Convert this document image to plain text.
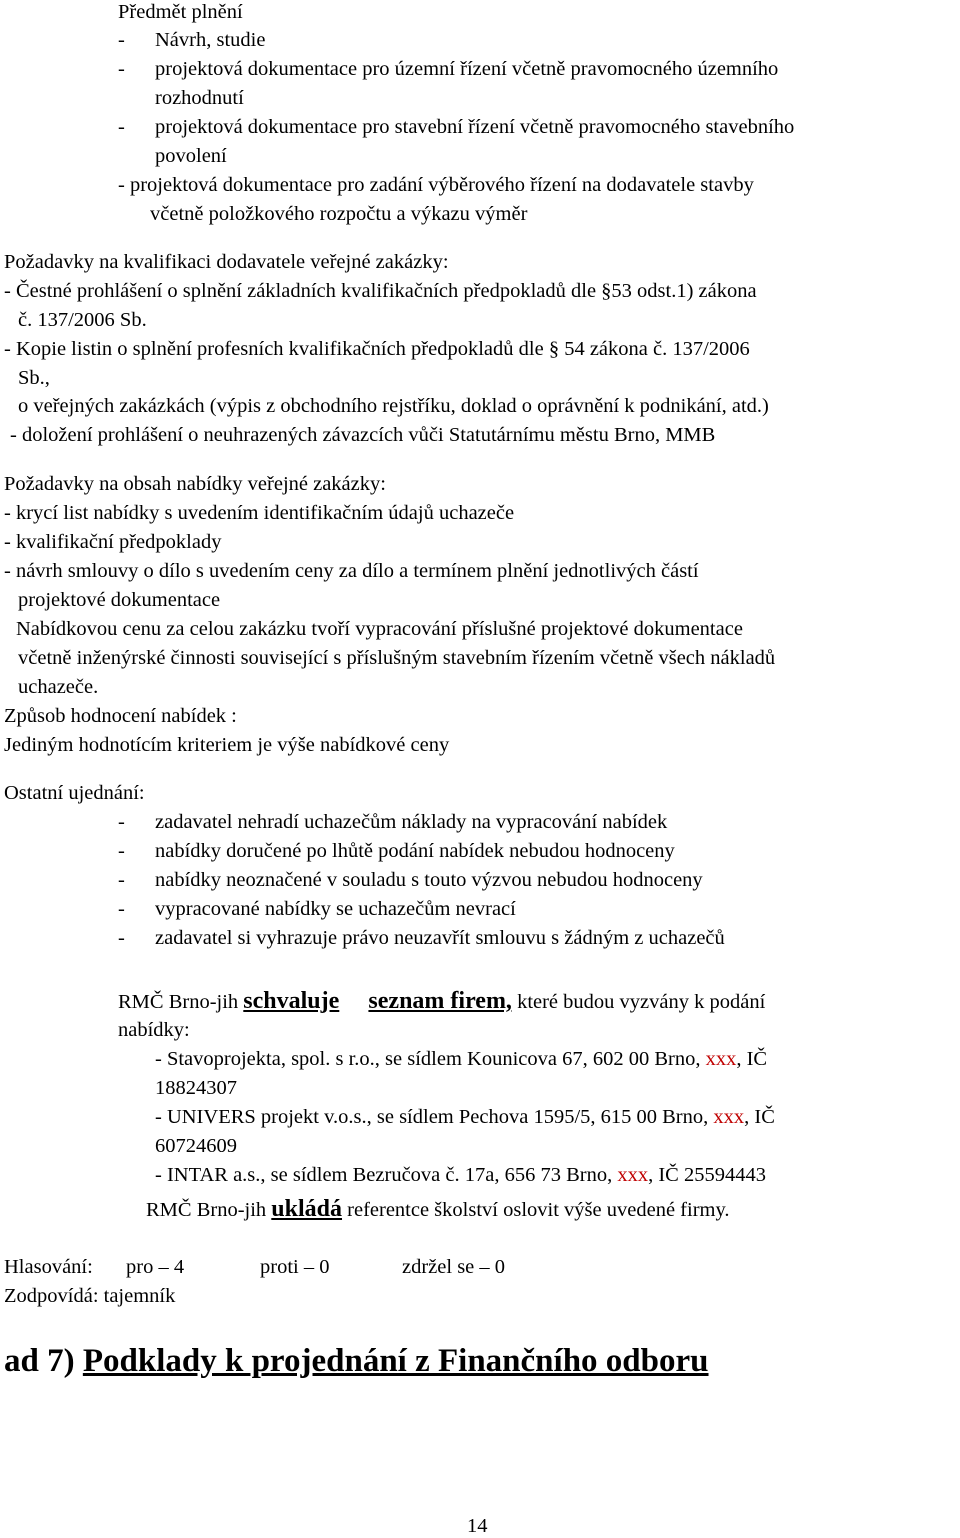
Předmět plnění
- Návrh, studie
- projektová dokumentace pro územní řízení včetně pravomocného územního
rozhodnutí
- projektová dokumentace pro stavební řízení včetně pravomocného stavebního
povolení
- projektová dokumentace pro zadání výběrového řízení na dodavatele stavby
včetně položkového rozpočtu a výkazu výměr
Požadavky na kvalifikaci dodavatele veřejné zakázky:
- Čestné prohlášení o splnění základních kvalifikačních předpokladů dle §53 odst.1) zákona
č. 137/2006 Sb.
- Kopie listin o splnění profesních kvalifikačních předpokladů dle § 54 zákona č. 137/2006
Sb.,
o veřejných zakázkách (výpis z obchodního rejstříku, doklad o oprávnění k podnikání, atd.)
- doložení prohlášení o neuhrazených závazcích vůči Statutárnímu městu Brno, MMB
Požadavky na obsah nabídky veřejné zakázky:
- krycí list nabídky s uvedením identifikačním údajů uchazeče
- kvalifikační předpoklady
- návrh smlouvy o dílo s uvedením ceny za dílo a termínem plnění jednotlivých částí
projektové dokumentace
Nabídkovou cenu za celou zakázku tvoří vypracování příslušné projektové dokumentace
včetně inženýrské činnosti související s příslušným stavebním řízením včetně všech nákladů
uchazeče.
Způsob hodnocení nabídek :
Jediným hodnotícím kriteriem je výše nabídkové ceny
Ostatní ujednání:
- zadavatel nehradí uchazečům náklady na vypracování nabídek
- nabídky doručené po lhůtě podání nabídek nebudou hodnoceny
- nabídky neoznačené v souladu s touto výzvou nebudou hodnoceny
- vypracované nabídky se uchazečům nevrací
- zadavatel si vyhrazuje právo neuzavřít smlouvu s žádným z uchazečů
RMČ Brno-jih schvaluje seznam firem, které budou vyzvány k podání
nabídky:
- Stavoprojekta, spol. s r.o., se sídlem Kounicova 67, 602 00 Brno, xxx, IČ
18824307
- UNIVERS projekt v.o.s., se sídlem Pechova 1595/5, 615 00 Brno, xxx, IČ
60724609
- INTAR a.s., se sídlem Bezručova č. 17a, 656 73 Brno, xxx, IČ 25594443
RMČ Brno-jih ukládá referentce školství oslovit výše uvedené firmy.
Hlasování: pro – 4	proti – 0	zdržel se – 0
Zodpovídá: tajemník
ad 7) Podklady k projednání z Finančního odboru
14
